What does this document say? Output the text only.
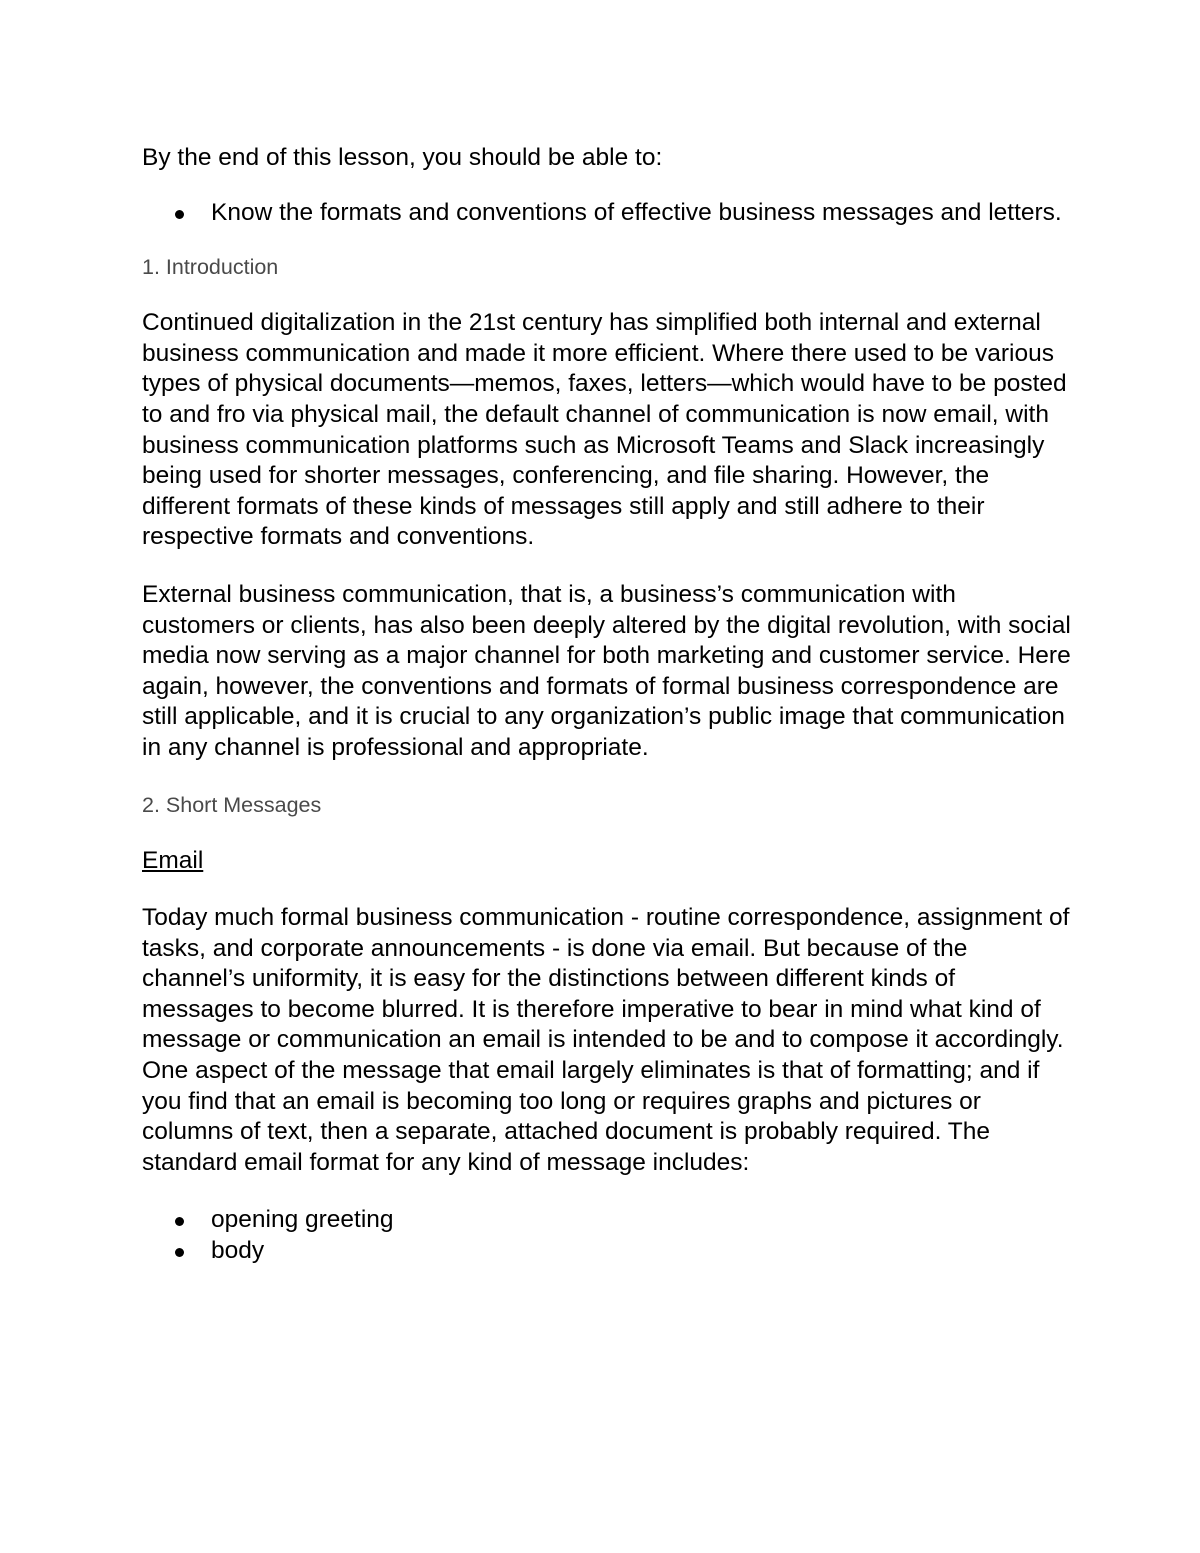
By the end of this lesson, you should be able to:

Know the formats and conventions of effective business messages and letters.

1. Introduction

Continued digitalization in the 21st century has simplified both internal and external business communication and made it more efficient. Where there used to be various types of physical documents—memos, faxes, letters—which would have to be posted to and fro via physical mail, the default channel of communication is now email, with business communication platforms such as Microsoft Teams and Slack increasingly being used for shorter messages, conferencing, and file sharing. However, the different formats of these kinds of messages still apply and still adhere to their respective formats and conventions.

External business communication, that is, a business’s communication with customers or clients, has also been deeply altered by the digital revolution, with social media now serving as a major channel for both marketing and customer service. Here again, however, the conventions and formats of formal business correspondence are still applicable, and it is crucial to any organization’s public image that communication in any channel is professional and appropriate.

2. Short Messages

Email

Today much formal business communication - routine correspondence, assignment of tasks, and corporate announcements - is done via email. But because of the channel’s uniformity, it is easy for the distinctions between different kinds of messages to become blurred. It is therefore imperative to bear in mind what kind of message or communication an email is intended to be and to compose it accordingly. One aspect of the message that email largely eliminates is that of formatting; and if you find that an email is becoming too long or requires graphs and pictures or columns of text, then a separate, attached document is probably required. The standard email format for any kind of message includes:

opening greeting
body
